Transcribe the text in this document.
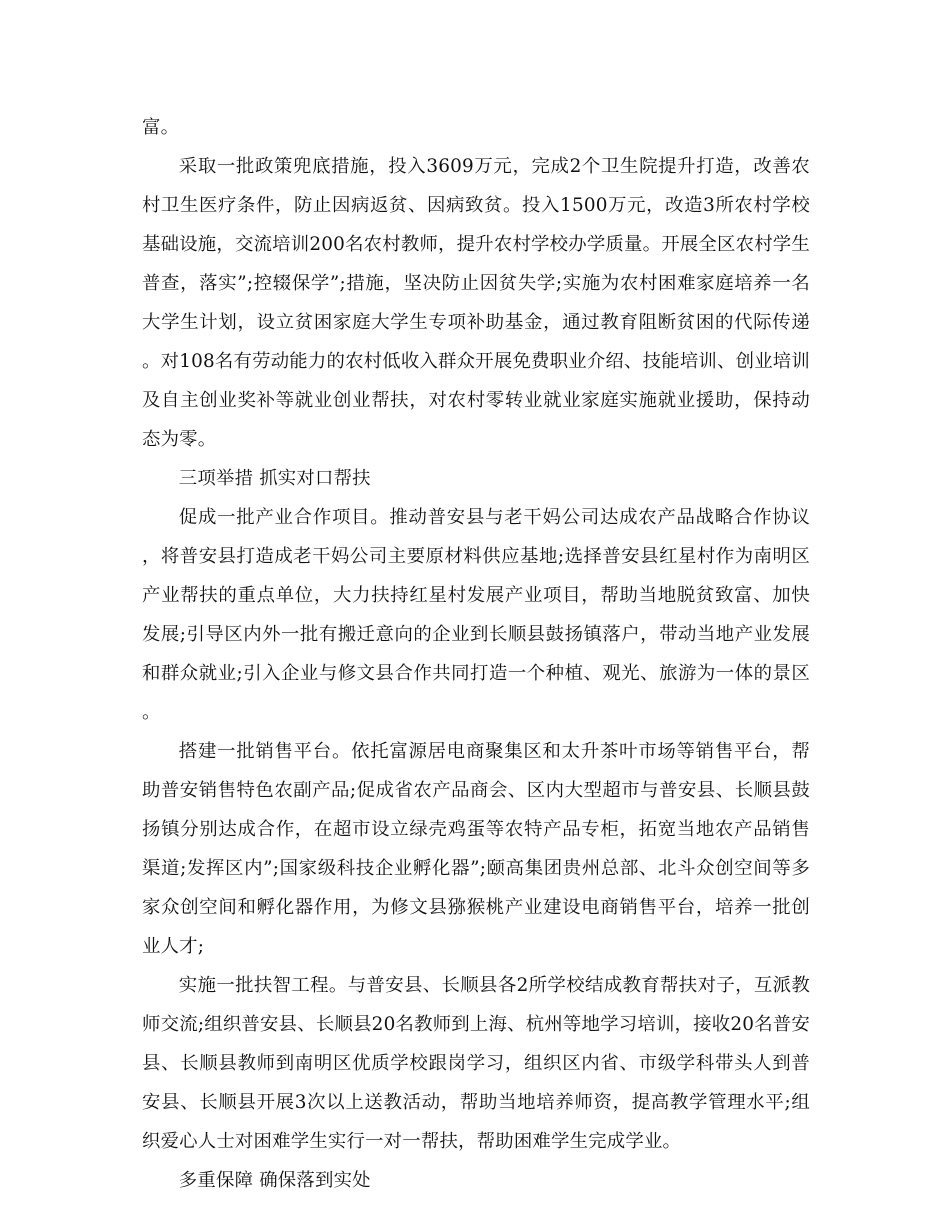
富。

采取一批政策兜底措施，投入3609万元，完成2个卫生院提升打造，改善农村卫生医疗条件，防止因病返贫、因病致贫。投入1500万元，改造3所农村学校基础设施，交流培训200名农村教师，提升农村学校办学质量。开展全区农村学生普查，落实”;控辍保学”;措施，坚决防止因贫失学;实施为农村困难家庭培养一名大学生计划，设立贫困家庭大学生专项补助基金，通过教育阻断贫困的代际传递。对108名有劳动能力的农村低收入群众开展免费职业介绍、技能培训、创业培训及自主创业奖补等就业创业帮扶，对农村零转业就业家庭实施就业援助，保持动态为零。

三项举措 抓实对口帮扶

促成一批产业合作项目。推动普安县与老干妈公司达成农产品战略合作协议，将普安县打造成老干妈公司主要原材料供应基地;选择普安县红星村作为南明区产业帮扶的重点单位，大力扶持红星村发展产业项目，帮助当地脱贫致富、加快发展;引导区内外一批有搬迁意向的企业到长顺县鼓扬镇落户，带动当地产业发展和群众就业;引入企业与修文县合作共同打造一个种植、观光、旅游为一体的景区。

搭建一批销售平台。依托富源居电商聚集区和太升茶叶市场等销售平台，帮助普安销售特色农副产品;促成省农产品商会、区内大型超市与普安县、长顺县鼓扬镇分别达成合作，在超市设立绿壳鸡蛋等农特产品专柜，拓宽当地农产品销售渠道;发挥区内”;国家级科技企业孵化器”;颐高集团贵州总部、北斗众创空间等多家众创空间和孵化器作用，为修文县猕猴桃产业建设电商销售平台，培养一批创业人才;

实施一批扶智工程。与普安县、长顺县各2所学校结成教育帮扶对子，互派教师交流;组织普安县、长顺县20名教师到上海、杭州等地学习培训，接收20名普安县、长顺县教师到南明区优质学校跟岗学习，组织区内省、市级学科带头人到普安县、长顺县开展3次以上送教活动，帮助当地培养师资，提高教学管理水平;组织爱心人士对困难学生实行一对一帮扶，帮助困难学生完成学业。

多重保障 确保落到实处
